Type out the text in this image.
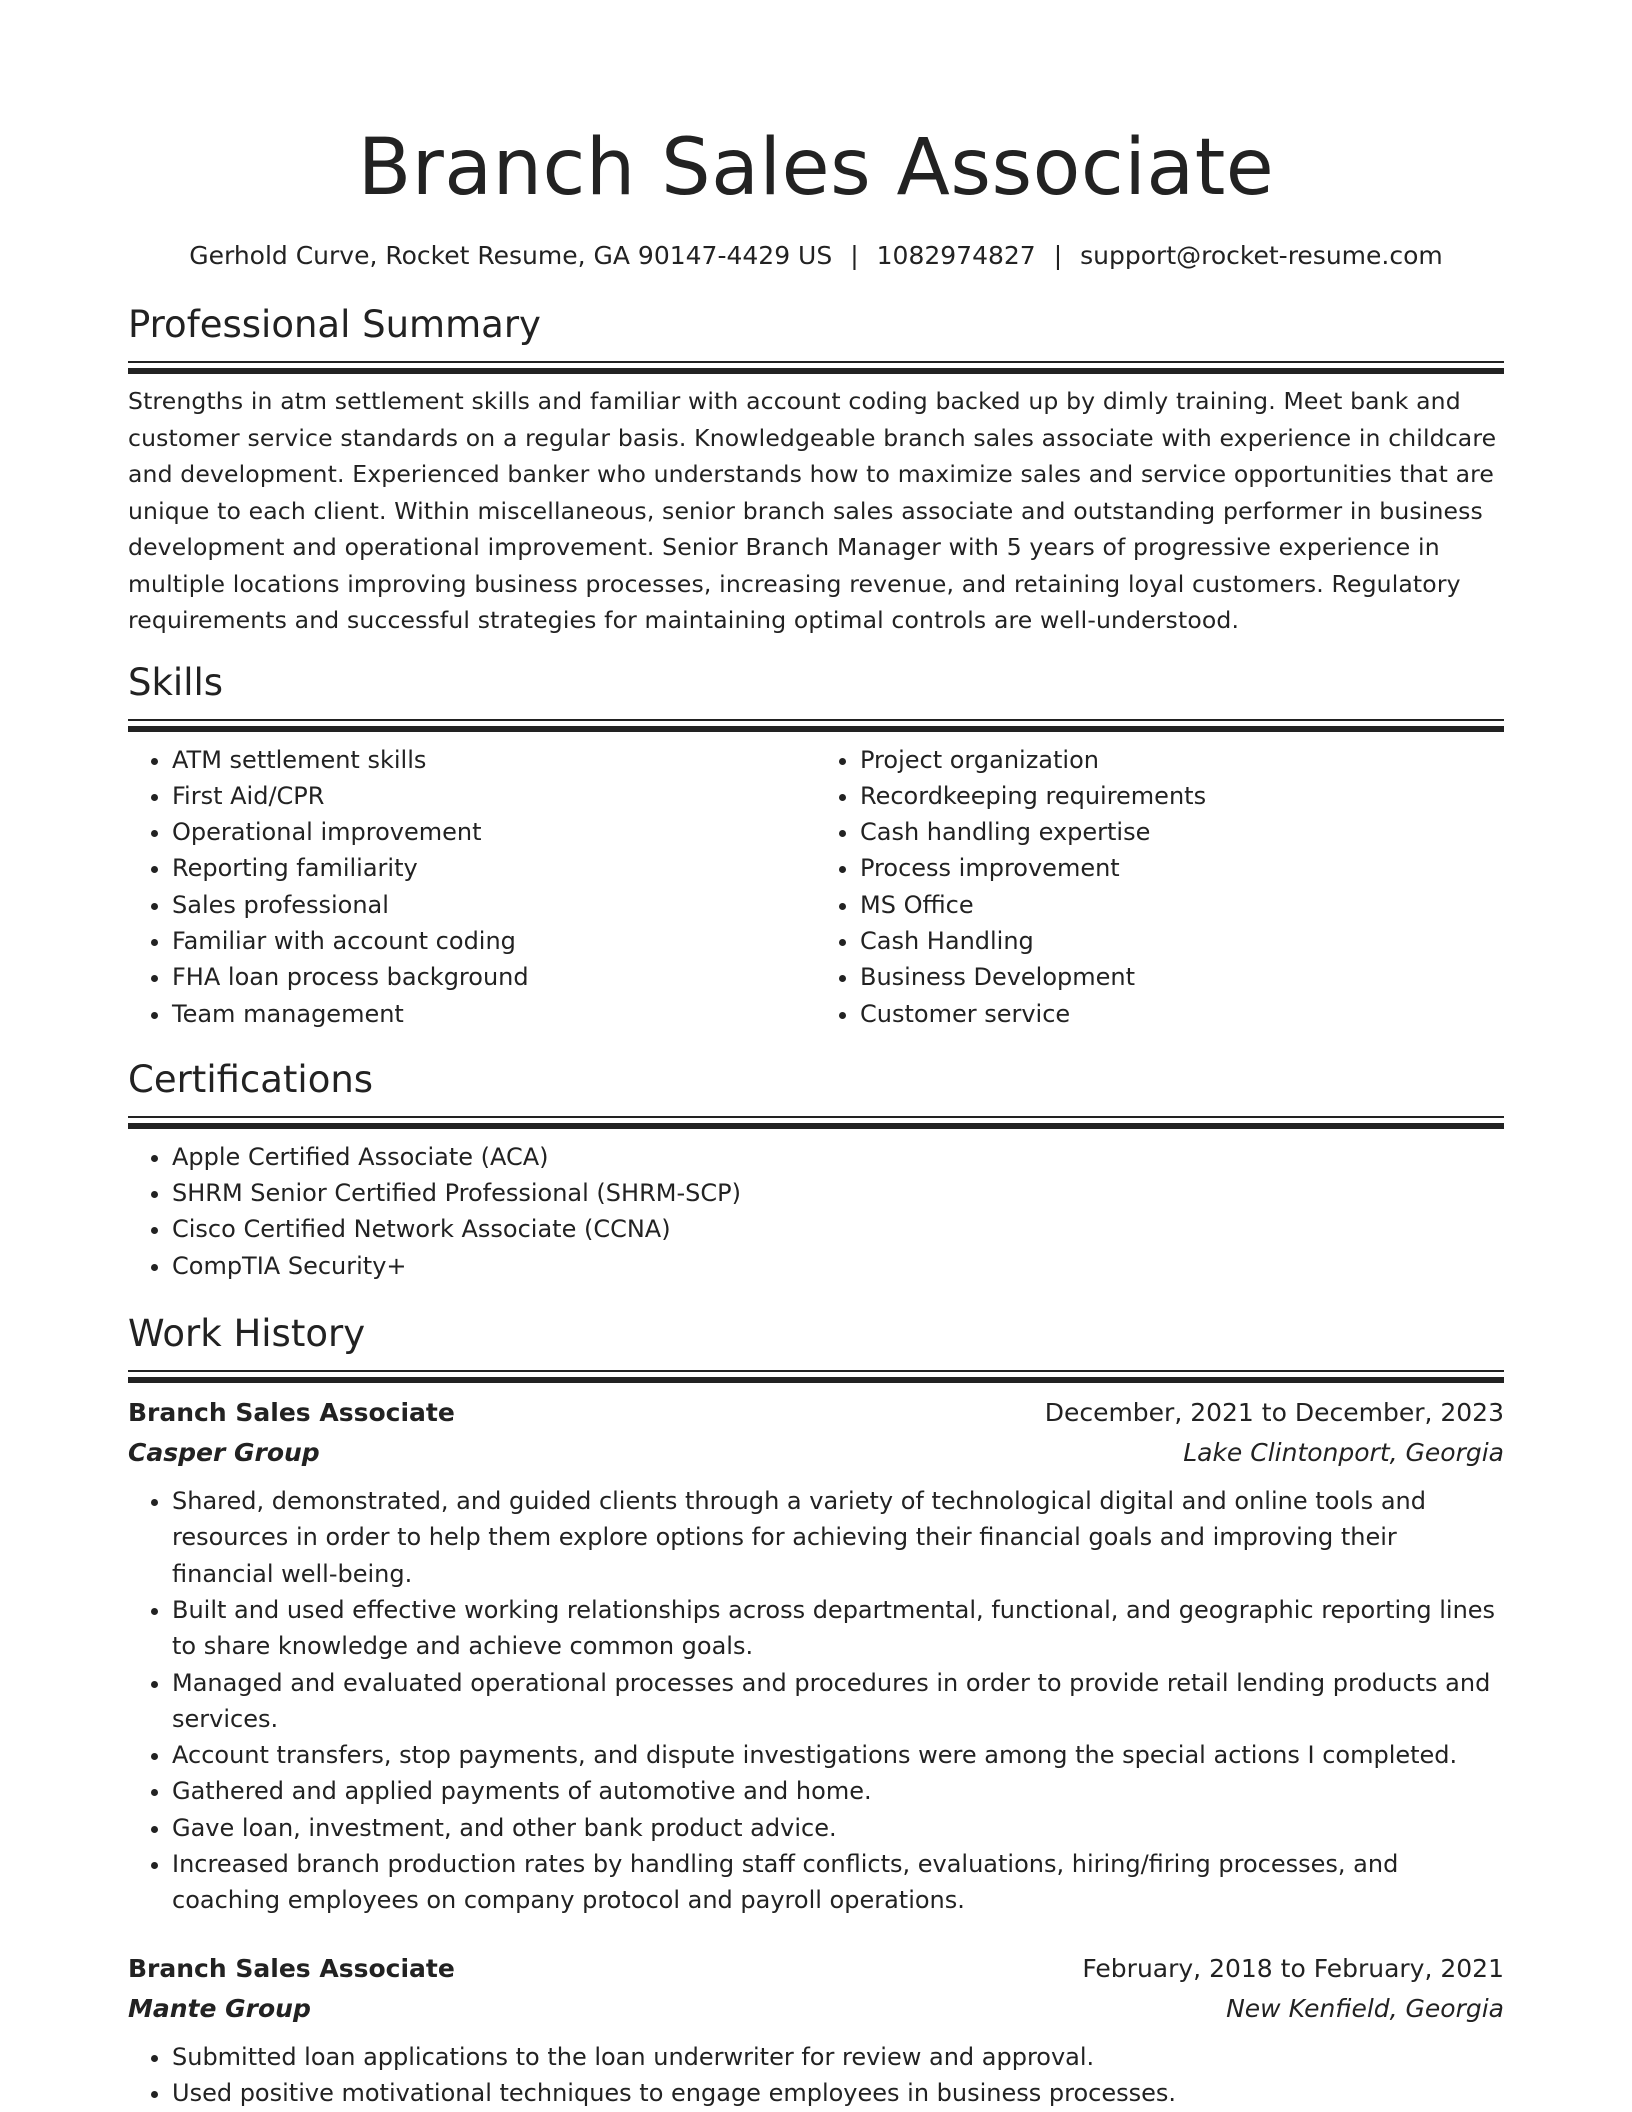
Branch Sales Associate
Gerhold Curve, Rocket Resume, GA 90147-4429 US | 1082974827 | support@rocket-resume.com
Professional Summary
Strengths in atm settlement skills and familiar with account coding backed up by dimly training. Meet bank and customer service standards on a regular basis. Knowledgeable branch sales associate with experience in childcare and development. Experienced banker who understands how to maximize sales and service opportunities that are unique to each client. Within miscellaneous, senior branch sales associate and outstanding performer in business development and operational improvement. Senior Branch Manager with 5 years of progressive experience in multiple locations improving business processes, increasing revenue, and retaining loyal customers. Regulatory requirements and successful strategies for maintaining optimal controls are well-understood.
Skills
• ATM settlement skills
• First Aid/CPR
• Operational improvement
• Reporting familiarity
• Sales professional
• Familiar with account coding
• FHA loan process background
• Team management
• Project organization
• Recordkeeping requirements
• Cash handling expertise
• Process improvement
• MS Office
• Cash Handling
• Business Development
• Customer service
Certifications
• Apple Certified Associate (ACA)
• SHRM Senior Certified Professional (SHRM-SCP)
• Cisco Certified Network Associate (CCNA)
• CompTIA Security+
Work History
Branch Sales Associate	December, 2021 to December, 2023
Casper Group	Lake Clintonport, Georgia
• Shared, demonstrated, and guided clients through a variety of technological digital and online tools and resources in order to help them explore options for achieving their financial goals and improving their financial well-being.
• Built and used effective working relationships across departmental, functional, and geographic reporting lines to share knowledge and achieve common goals.
• Managed and evaluated operational processes and procedures in order to provide retail lending products and services.
• Account transfers, stop payments, and dispute investigations were among the special actions I completed.
• Gathered and applied payments of automotive and home.
• Gave loan, investment, and other bank product advice.
• Increased branch production rates by handling staff conflicts, evaluations, hiring/firing processes, and coaching employees on company protocol and payroll operations.
Branch Sales Associate	February, 2018 to February, 2021
Mante Group	New Kenfield, Georgia
• Submitted loan applications to the loan underwriter for review and approval.
• Used positive motivational techniques to engage employees in business processes.
